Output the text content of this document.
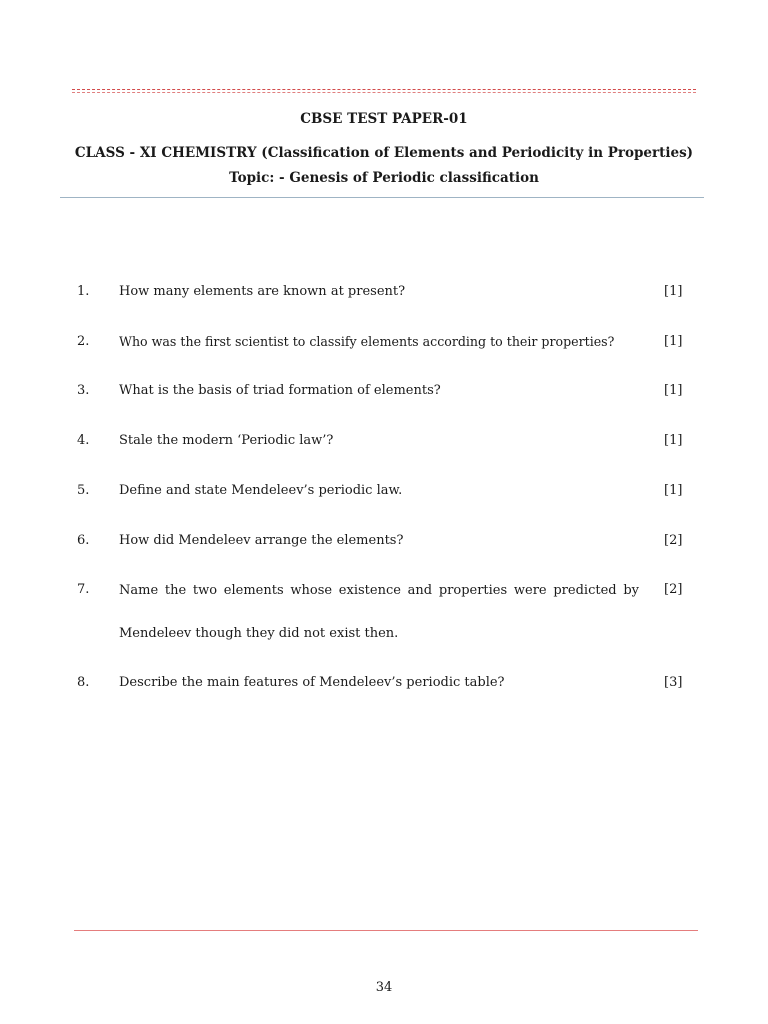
CBSE TEST PAPER-01
CLASS - XI CHEMISTRY (Classification of Elements and Periodicity in Properties)
Topic: - Genesis of Periodic classification
1. How many elements are known at present?	[1]
2. Who was the first scientist to classify elements according to their properties?	[1]
3. What is the basis of triad formation of elements?	[1]
4. Stale the modern ‘Periodic law’?	[1]
5. Define and state Mendeleev’s periodic law.	[1]
6. How did Mendeleev arrange the elements?	[2]
7. Name the two elements whose existence and properties were predicted by Mendeleev though they did not exist then.
[2]
8. Describe the main features of Mendeleev’s periodic table?	[3]
34
